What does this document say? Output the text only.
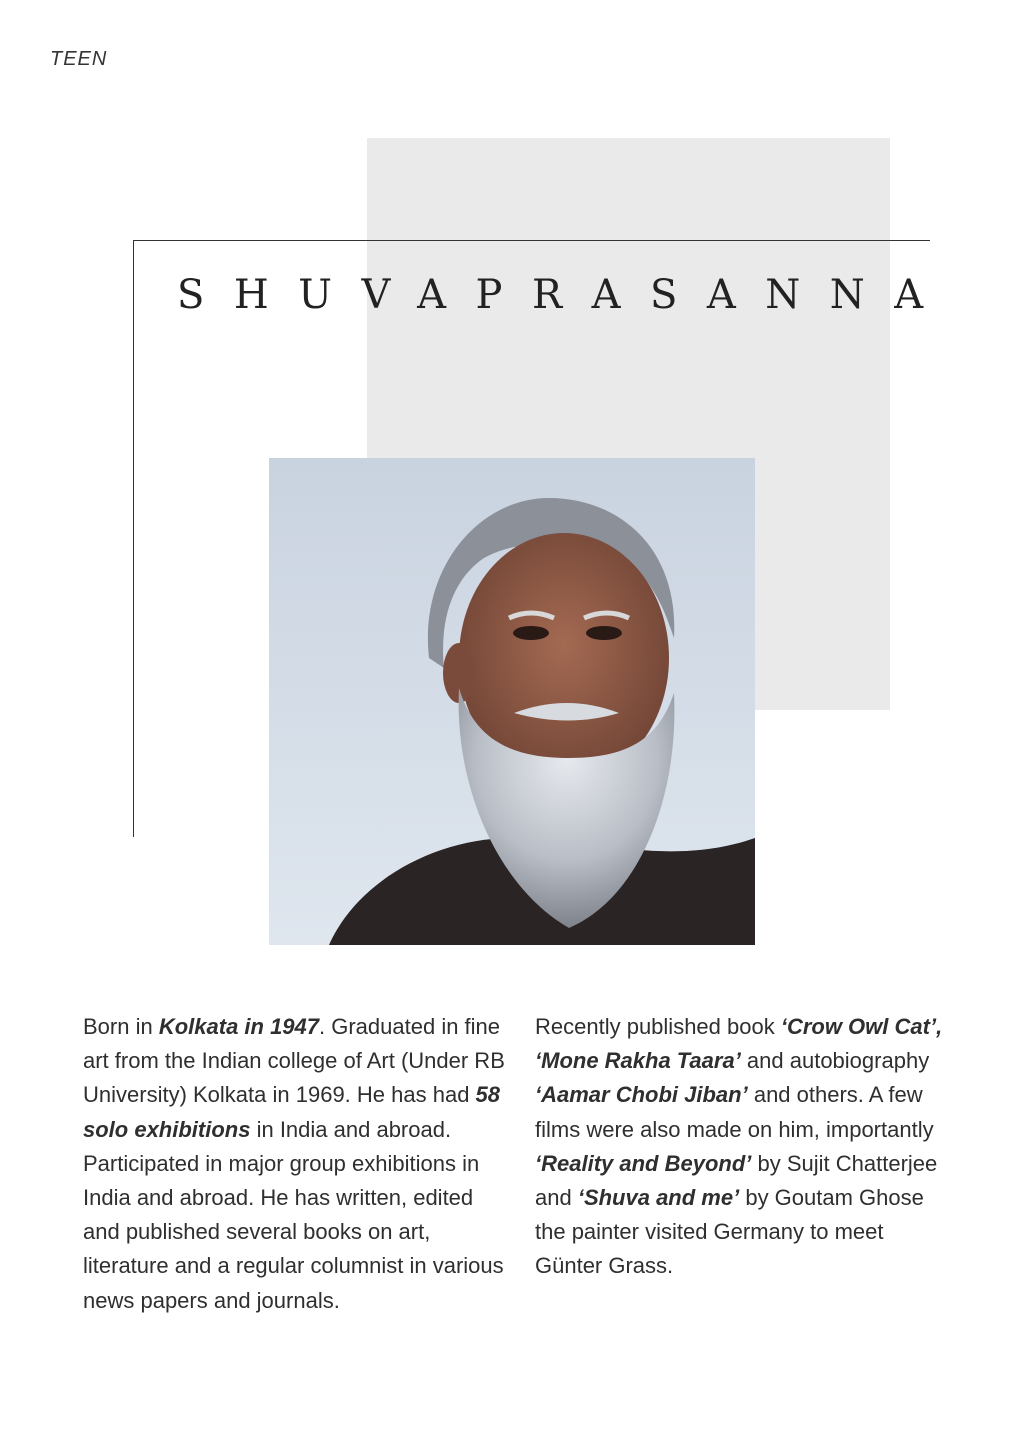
TEEN
SHUVAPRASANNA
Born in Kolkata in 1947. Graduated in fine art from the Indian college of Art (Under RB University) Kolkata in 1969. He has had 58 solo exhibitions in India and abroad. Participated in major group exhibitions in India and abroad. He has written, edited and published several books on art, literature and a regular columnist in various news papers and journals.
Recently published book ‘Crow Owl Cat’, ‘Mone Rakha Taara’ and autobiography ‘Aamar Chobi Jiban’ and others. A few films were also made on him, importantly ‘Reality and Beyond’ by Sujit Chatterjee and ‘Shuva and me’ by Goutam Ghose the painter visited Germany to meet Günter Grass.
